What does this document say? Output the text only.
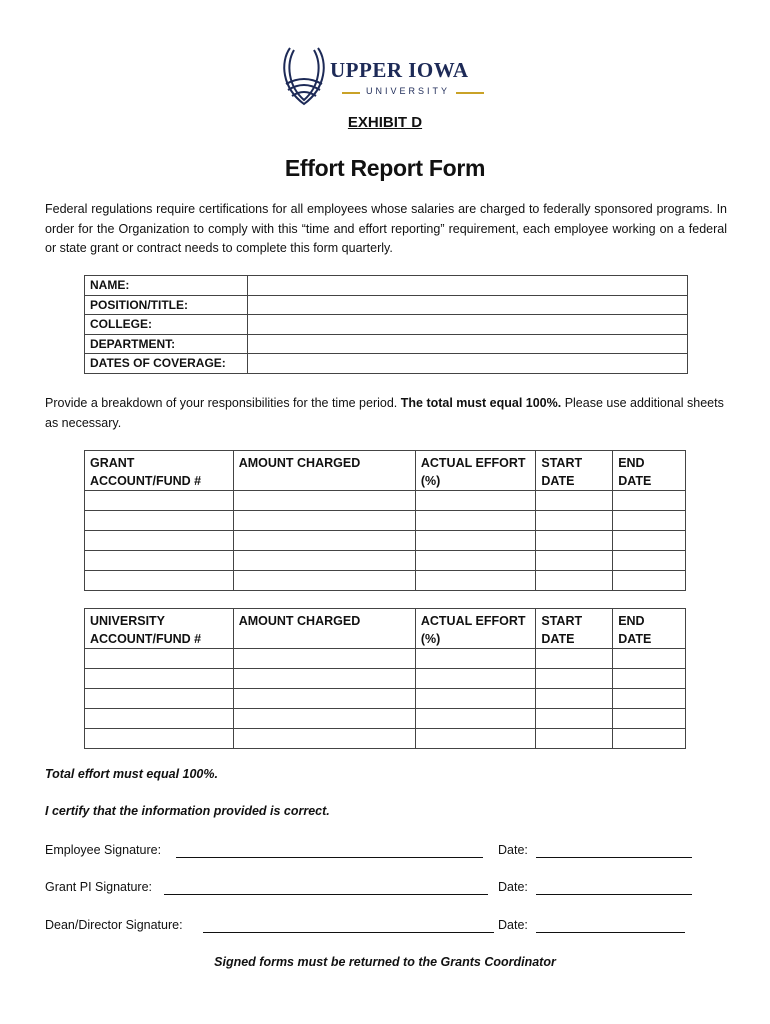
UPPER IOWA
UNIVERSITY
EXHIBIT D
Effort Report Form
Federal regulations require certifications for all employees whose salaries are charged to federally sponsored programs. In order for the Organization to comply with this “time and effort reporting” requirement, each employee working on a federal or state grant or contract needs to complete this form quarterly.
NAME:	
POSITION/TITLE:	
COLLEGE:	
DEPARTMENT:	
DATES OF COVERAGE:	
Provide a breakdown of your responsibilities for the time period. The total must equal 100%. Please use additional sheets as necessary.
GRANT ACCOUNT/FUND #	AMOUNT CHARGED	ACTUAL EFFORT (%)	START DATE	END DATE

UNIVERSITY ACCOUNT/FUND #	AMOUNT CHARGED	ACTUAL EFFORT (%)	START DATE	END DATE

Total effort must equal 100%.
I certify that the information provided is correct.
Employee Signature:	Date:
Grant PI Signature:	Date:
Dean/Director Signature:	Date:
Signed forms must be returned to the Grants Coordinator
